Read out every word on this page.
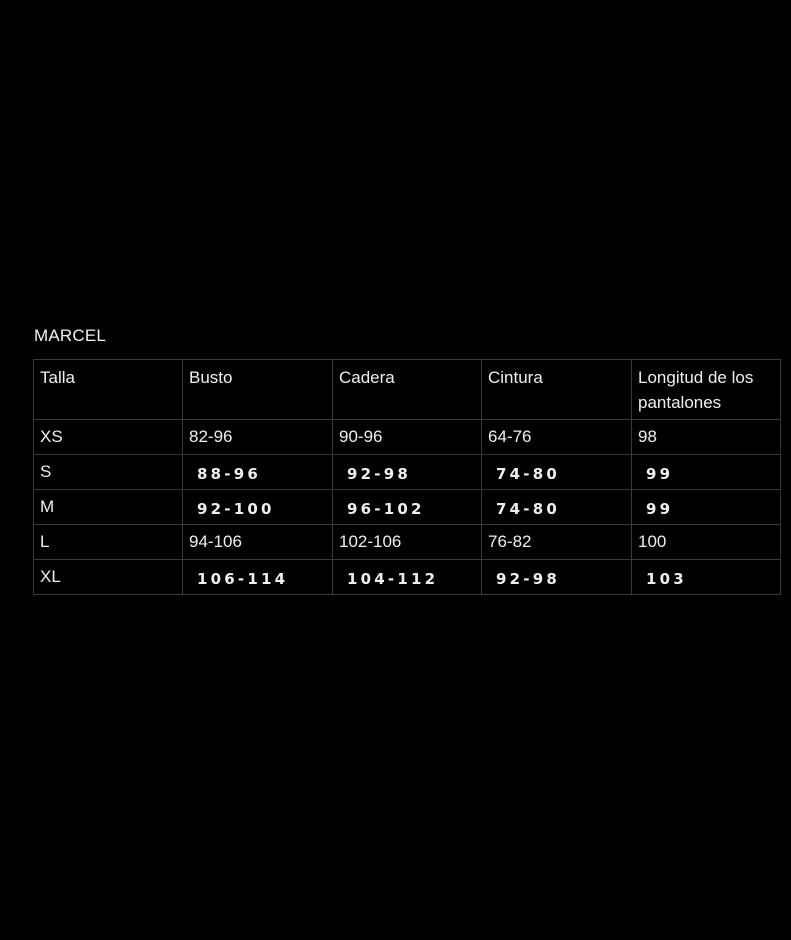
MARCEL
Talla	Busto	Cadera	Cintura	Longitud de los pantalones
XS	82-96	90-96	64-76	98
S	88-96	92-98	74-80	99
M	92-100	96-102	74-80	99
L	94-106	102-106	76-82	100
XL	106-114	104-112	92-98	103
